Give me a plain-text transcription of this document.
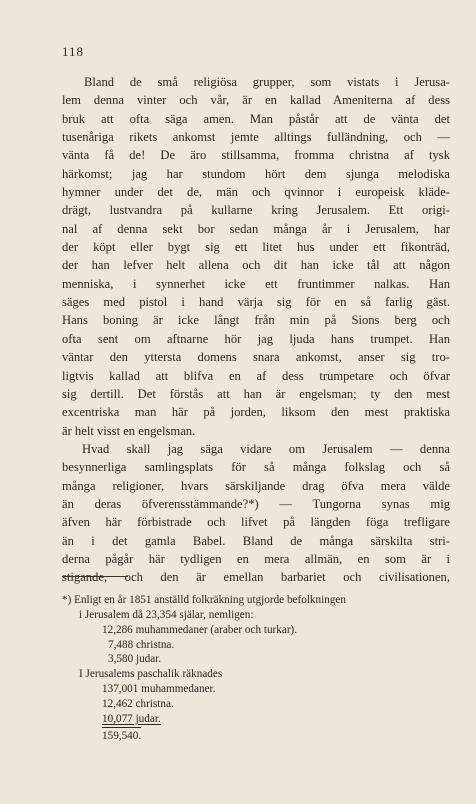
118
Bland de små religiösa grupper, som vistats i Jerusa-
lem denna vinter och vår, är en kallad Ameniterna af dess
bruk att ofta säga amen. Man påstår att de vänta det
tusenåriga rikets ankomst jemte alltings fulländning, och —
vänta få de! De äro stillsamma, fromma christna af tysk
härkomst; jag har stundom hört dem sjunga melodiska
hymner under det de, män och qvinnor i europeisk kläde-
drägt, lustvandra på kullarne kring Jerusalem. Ett origi-
nal af denna sekt bor sedan många år i Jerusalem, har
der köpt eller bygt sig ett litet hus under ett fikonträd,
der han lefver helt allena och dit han icke tål att någon
menniska, i synnerhet icke ett fruntimmer nalkas. Han
säges med pistol i hand värja sig för en så farlig gäst.
Hans boning är icke långt från min på Sions berg och
ofta sent om aftnarne hör jag ljuda hans trumpet. Han
väntar den yttersta domens snara ankomst, anser sig tro-
ligtvis kallad att blifva en af dess trumpetare och öfvar
sig dertill. Det förstås att han är engelsman; ty den mest
excentriska man här på jorden, liksom den mest praktiska
är helt visst en engelsman.
Hvad skall jag säga vidare om Jerusalem — denna
besynnerliga samlingsplats för så många folkslag och så
många religioner, hvars särskiljande drag öfva mera välde
än deras öfverensstämmande?*) — Tungorna synas mig
äfven här förbistrade och lifvet på längden föga trefligare
än i det gamla Babel. Bland de många särskilta stri-
derna pågår här tydligen en mera allmän, en som är i
stigande, och den är emellan barbariet och civilisationen,
*) Enligt en år 1851 anställd folkräkning utgjorde befolkningen
i Jerusalem då 23,354 själar, nemligen:
12,286 muhammedaner (araber och turkar).
7,488 christna.
3,580 judar.
I Jerusalems paschalik räknades
137,001 muhammedaner.
12,462 christna.
10,077 judar.
159,540.
